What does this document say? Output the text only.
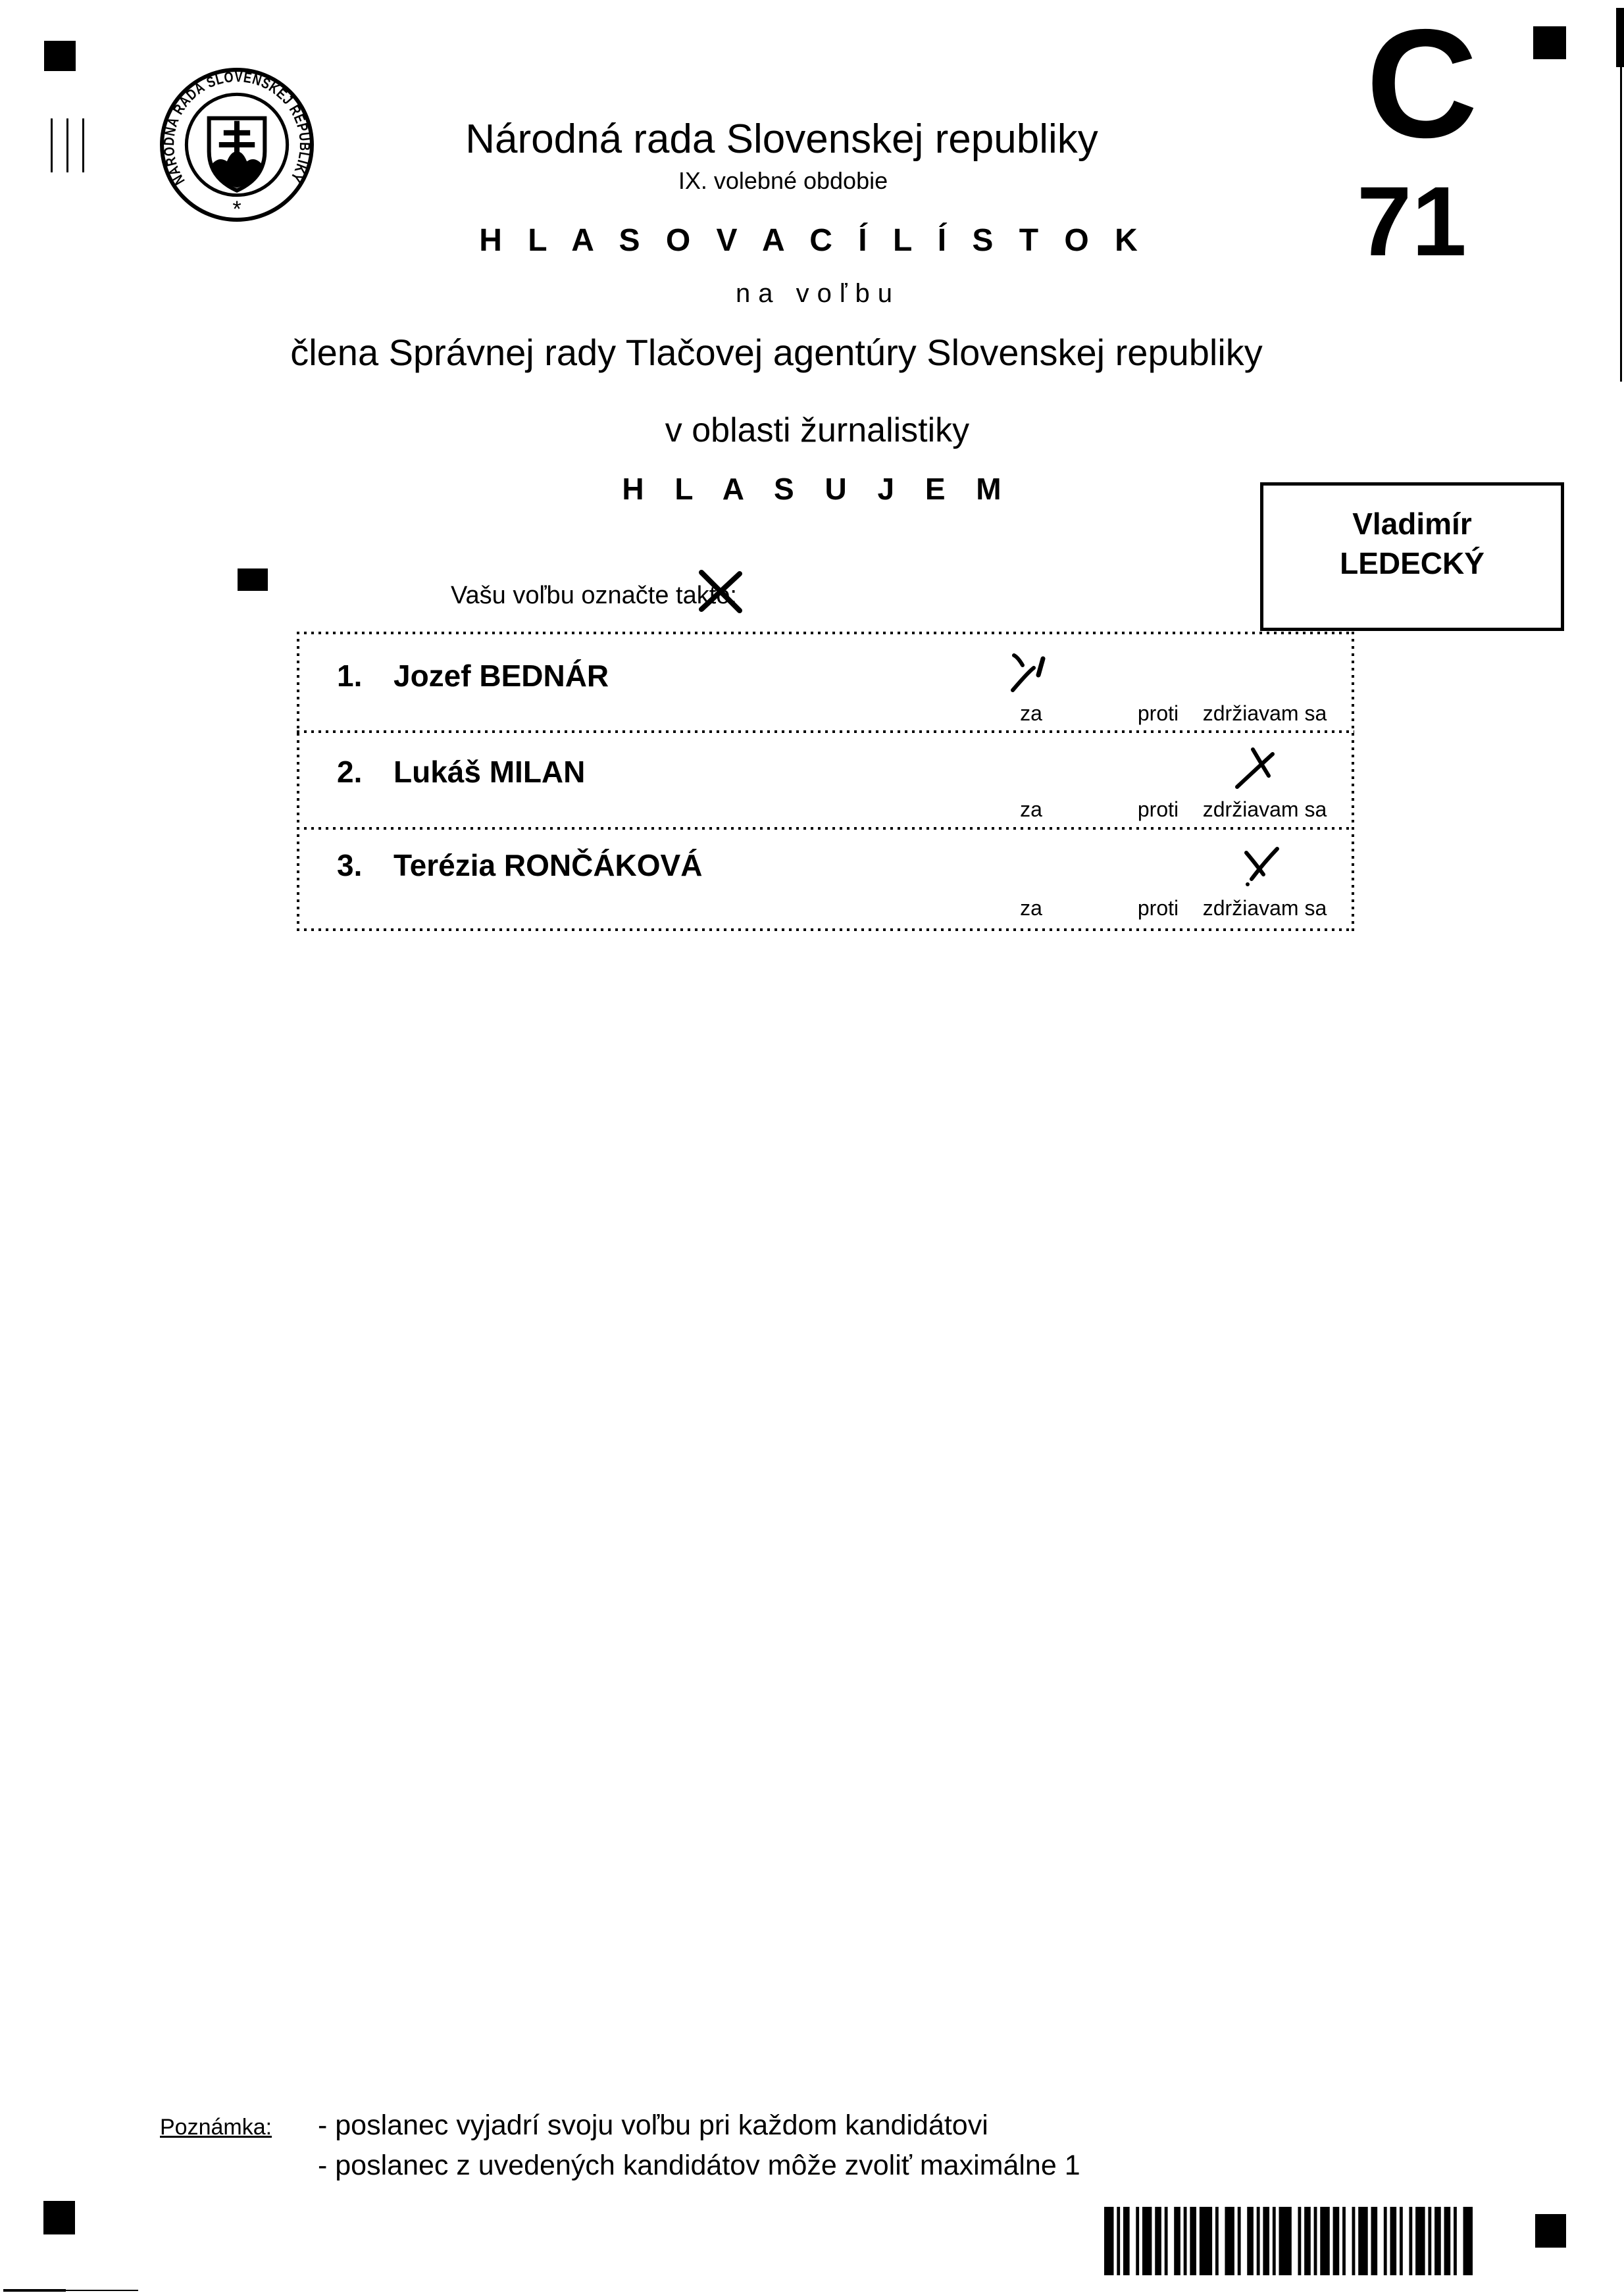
NÁRODNÁ RADA SLOVENSKEJ REPUBLIKY
*
Národná rada Slovenskej republiky
IX. volebné obdobie
H L A S O V A C Í L Í S T O K
na voľbu
člena Správnej rady Tlačovej agentúry Slovenskej republiky
v oblasti žurnalistiky
H L A S U J E M
C
71
Vladimír
LEDECKÝ
Vašu voľbu označte takto:
1. Jozef BEDNÁR
za	proti zdržiavam sa
2. Lukáš MILAN
za	proti zdržiavam sa
3. Terézia RONČÁKOVÁ
za	proti zdržiavam sa
Poznámka: - poslanec vyjadrí svoju voľbu pri každom kandidátovi
- poslanec z uvedených kandidátov môže zvoliť maximálne 1
